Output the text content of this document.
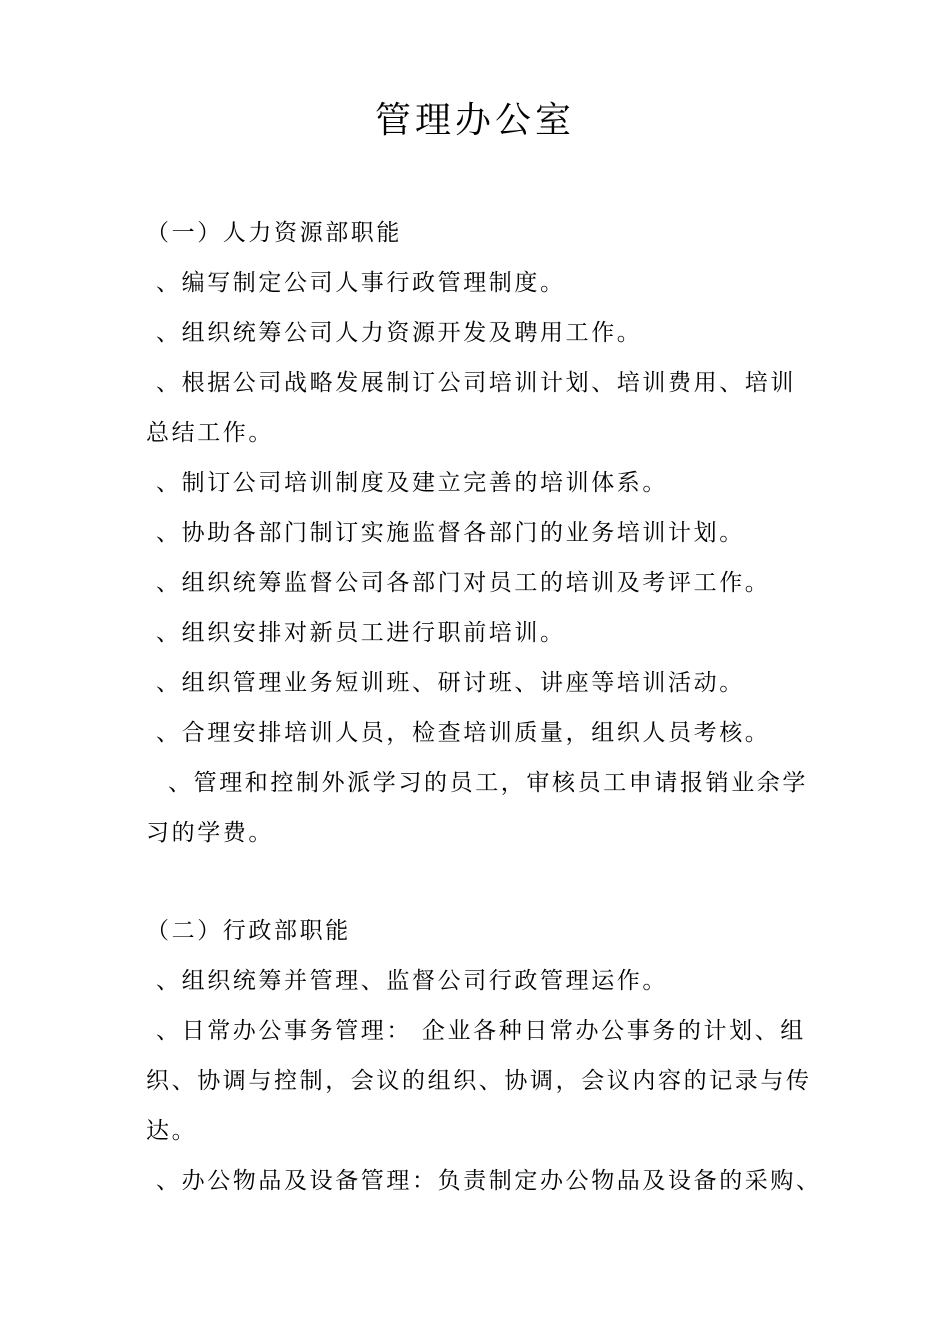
管理办公室
（一）人力资源部职能
、编写制定公司人事行政管理制度。
、组织统筹公司人力资源开发及聘用工作。
、根据公司战略发展制订公司培训计划、培训费用、培训
总结工作。
、制订公司培训制度及建立完善的培训体系。
、协助各部门制订实施监督各部门的业务培训计划。
、组织统筹监督公司各部门对员工的培训及考评工作。
、组织安排对新员工进行职前培训。
、组织管理业务短训班、研讨班、讲座等培训活动。
、合理安排培训人员，检查培训质量，组织人员考核。
、管理和控制外派学习的员工，审核员工申请报销业余学
习的学费。
（二）行政部职能
、组织统筹并管理、监督公司行政管理运作。
、日常办公事务管理： 企业各种日常办公事务的计划、组
织、协调与控制，会议的组织、协调，会议内容的记录与传
达。
、办公物品及设备管理：负责制定办公物品及设备的采购、
